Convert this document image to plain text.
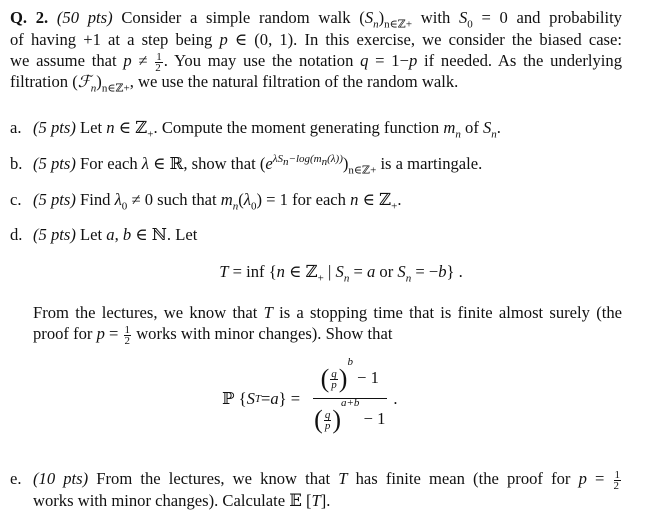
Q. 2. (50 pts) Consider a simple random walk $(S_n)_{n\in ℤ+}$ with $S_0 = 0$ and probability
of having +1 at a step being p ∈ (0, 1). In this exercise, we consider the biased case:
we assume that $p \ne \frac{1}{2}$ . You may use the notation q = 1−p if needed. As the underlying
filtration $(ℱ_n)_{n\in ℤ+}$, we use the natural filtration of the random walk.
a. (5 pts) Let n ∈ ℤ$_+$. Compute the moment generating function $m_n$ of $S_n$.
b. (5 pts) For each λ ∈ ℝ, show that $(e^{\lambda S_n-log(m_n(\lambda))})_{n\in ℤ+}$ is a martingale.
c. (5 pts) Find $\lambda_0 \ne 0$ such that $m_n(\lambda_0) = 1$ for each n ∈ ℤ$_+$.
d. (5 pts) Let a, b ∈ ℕ. Let
T = inf {n ∈ ℤ$_+$ | $S_n = a$ or $S_n = -b$} .
From the lectures, we know that T is a stopping time that is finite almost surely (the
proof for $p = \frac{1}{2}$ works with minor changes). Show that
ℙ { S T = a } = $\frac{( \frac{q}{p} )^b - 1}{( \frac{q}{p} )^{a+b} - 1}$ .
e. (10 pts) From the lectures, we know that T has finite mean (the proof for $p = \frac{1}{2}$
works with minor changes). Calculate 𝔼 [T].
